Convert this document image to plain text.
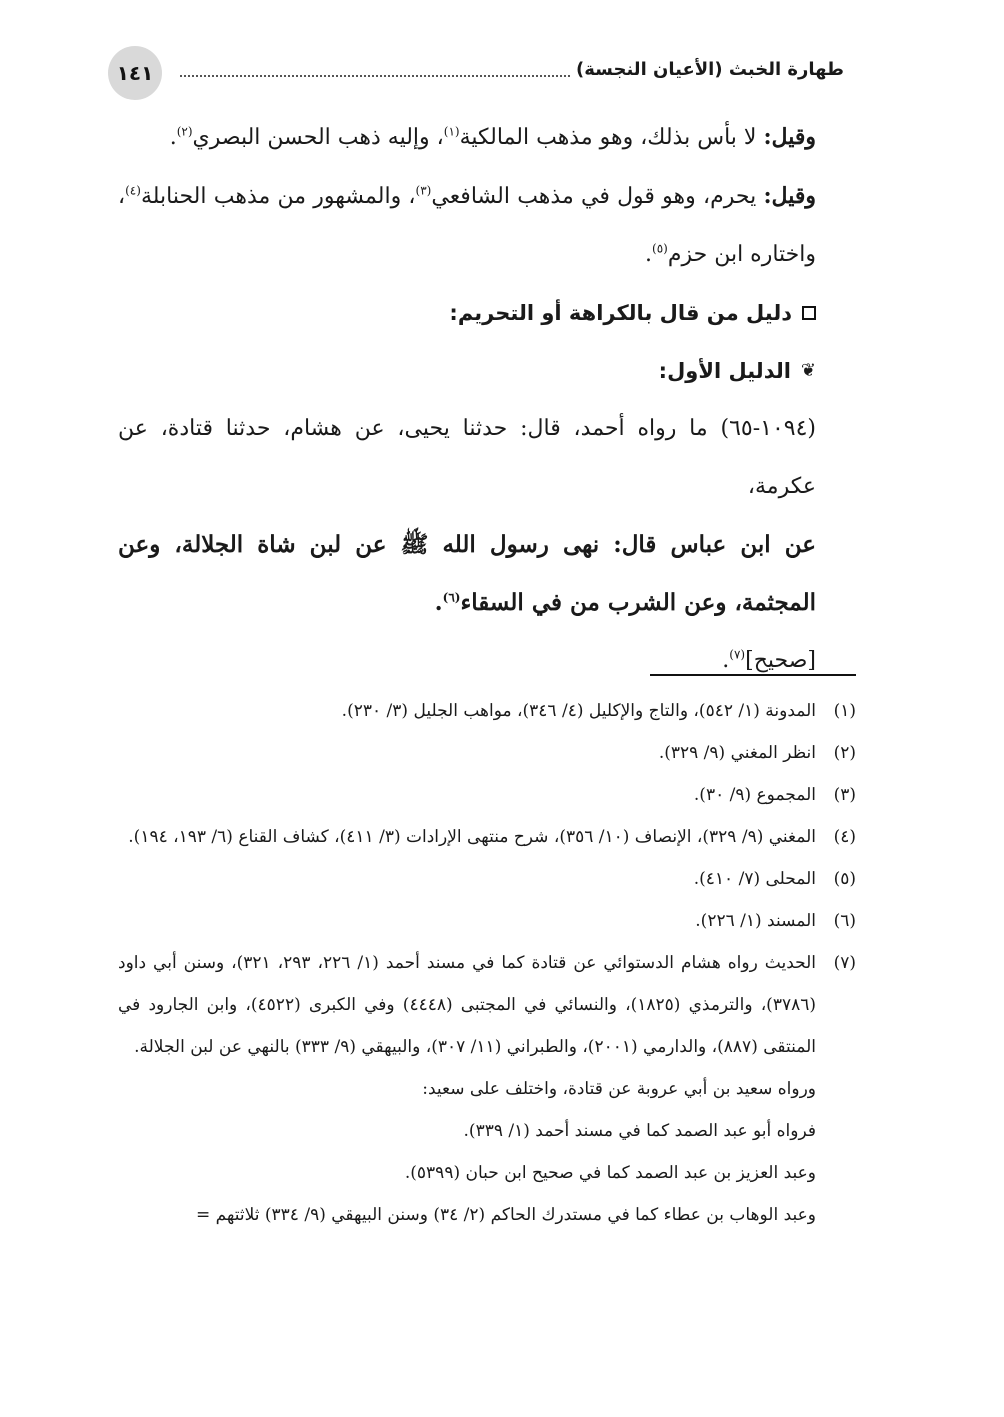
١٤١	طهارة الخبث (الأعيان النجسة)

وقيل: لا بأس بذلك، وهو مذهب المالكية$^{(١)}$، وإليه ذهب الحسن البصري$^{(٢)}$.

وقيل: يحرم، وهو قول في مذهب الشافعي$^{(٣)}$، والمشهور من مذهب الحنابلة$^{(٤)}$، واختاره ابن حزم$^{(٥)}$.

دليل من قال بالكراهة أو التحريم:

❦
الدليل الأول:

(١٠٩٤-٦٥) ما رواه أحمد، قال: حدثنا يحيى، عن هشام، حدثنا قتادة، عن عكرمة،

عن ابن عباس قال: نهى رسول الله ﷺ عن لبن شاة الجلالة، وعن المجثمة، وعن الشرب من في السقاء$^{(٦)}$.

[صحيح]$^{(٧)}$.

(١)
المدونة (١/ ٥٤٢)، والتاج والإكليل (٤/ ٣٤٦)، مواهب الجليل (٣/ ٢٣٠).
(٢)
انظر المغني (٩/ ٣٢٩).
(٣)
المجموع (٩/ ٣٠).
(٤)
المغني (٩/ ٣٢٩)، الإنصاف (١٠/ ٣٥٦)، شرح منتهى الإرادات (٣/ ٤١١)، كشاف القناع (٦/ ١٩٣، ١٩٤).
(٥)
المحلى (٧/ ٤١٠).
(٦)
المسند (١/ ٢٢٦).
(٧)
الحديث رواه هشام الدستوائي عن قتادة كما في مسند أحمد (١/ ٢٢٦، ٢٩٣، ٣٢١)، وسنن أبي داود (٣٧٨٦)، والترمذي (١٨٢٥)، والنسائي في المجتبى (٤٤٤٨) وفي الكبرى (٤٥٢٢)، وابن الجارود في المنتقى (٨٨٧)، والدارمي (٢٠٠١)، والطبراني (١١/ ٣٠٧)، والبيهقي (٩/ ٣٣٣) بالنهي عن لبن الجلالة.
ورواه سعيد بن أبي عروبة عن قتادة، واختلف على سعيد:
فرواه أبو عبد الصمد كما في مسند أحمد (١/ ٣٣٩).
وعبد العزيز بن عبد الصمد كما في صحيح ابن حبان (٥٣٩٩).
وعبد الوهاب بن عطاء كما في مستدرك الحاكم (٢/ ٣٤) وسنن البيهقي (٩/ ٣٣٤) ثلاثتهم =
